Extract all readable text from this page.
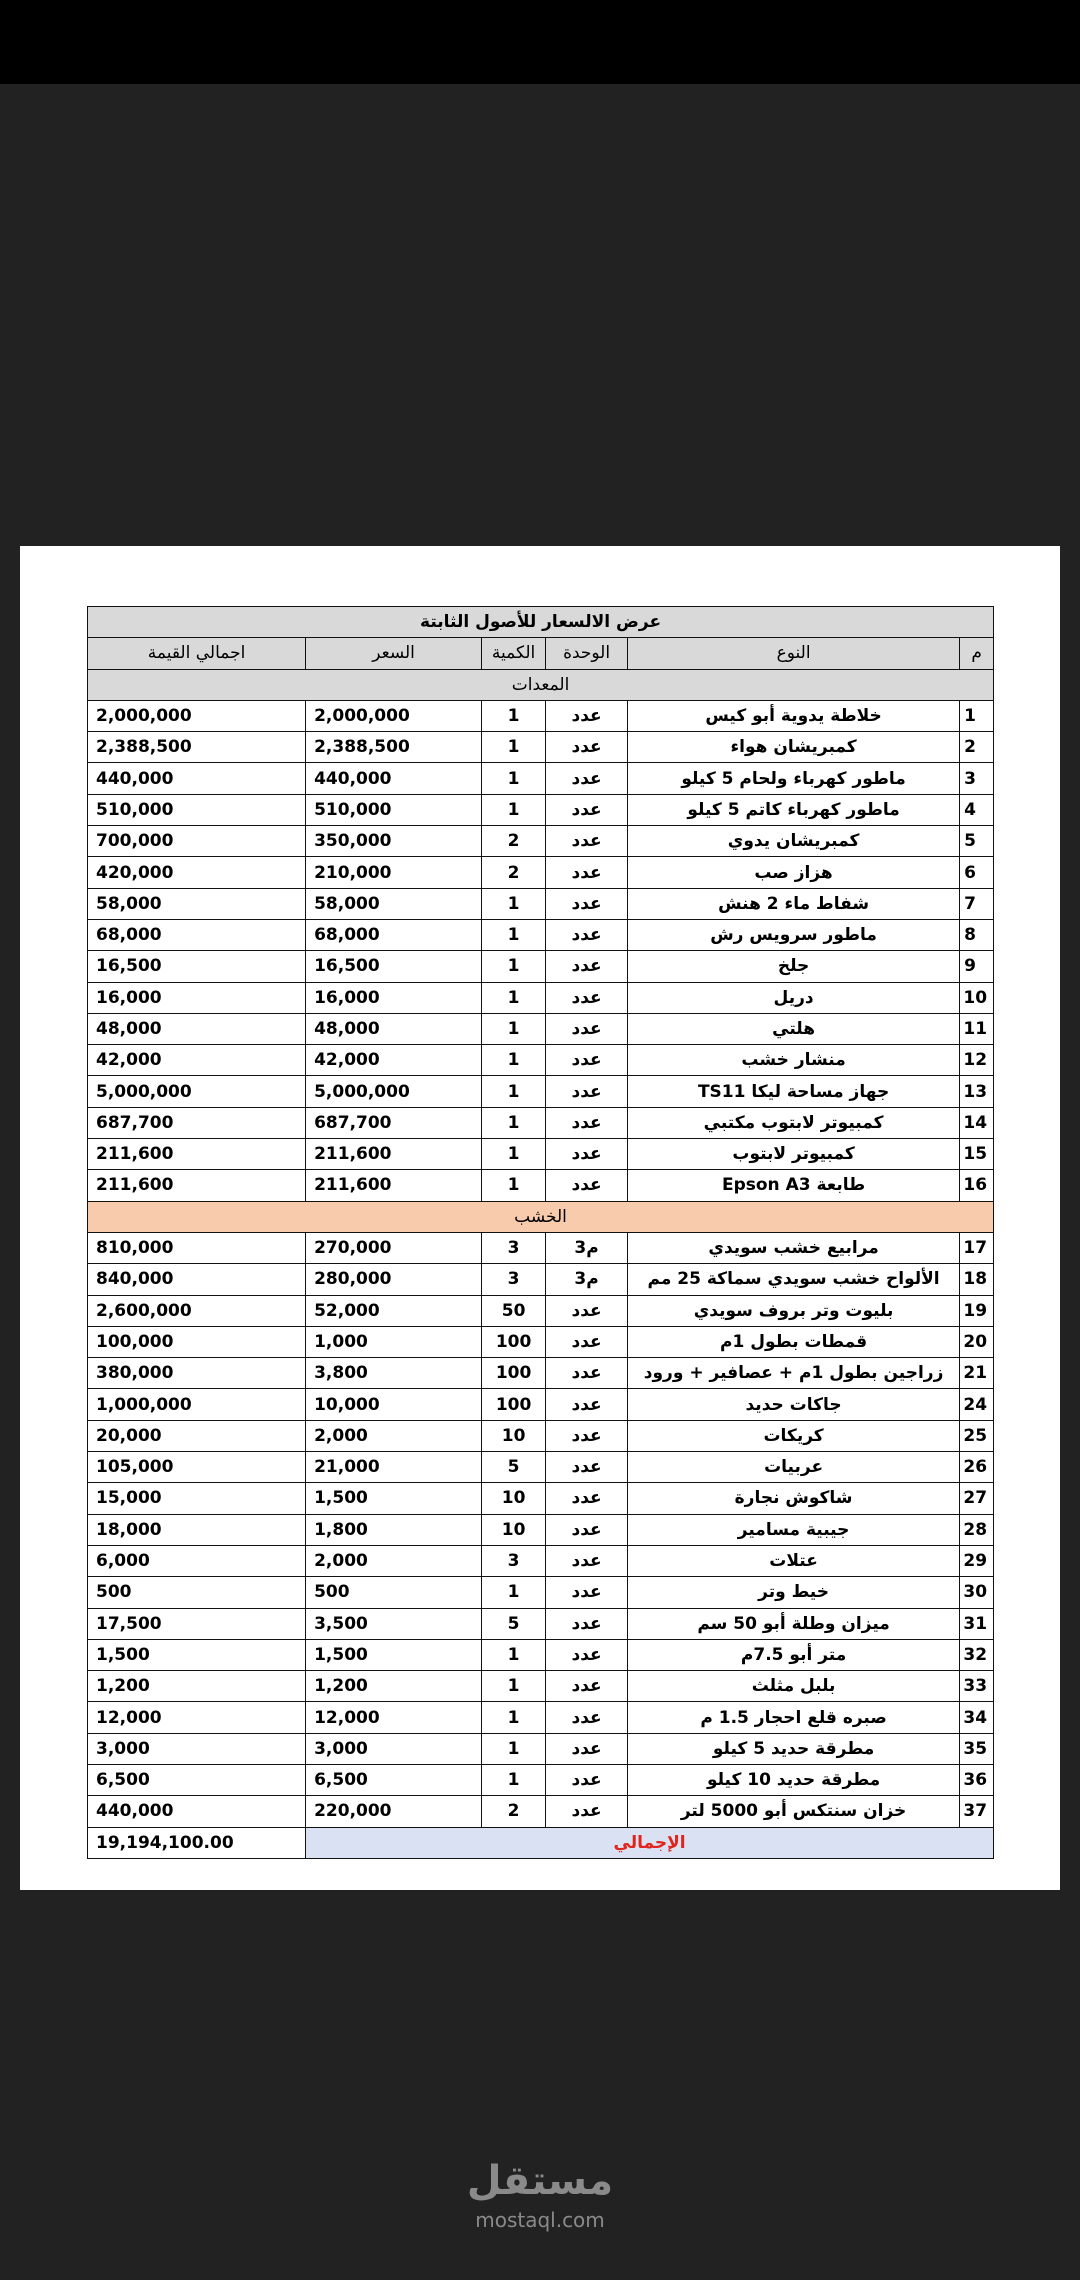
عرض الالسعار للأصول الثابتة					
م	النوع	الوحدة	الكمية	السعر	اجمالي القيمة
المعدات					
1	خلاطة يدوية أبو كيس	عدد	1	2,000,000	2,000,000
2	كمبريشان هواء	عدد	1	2,388,500	2,388,500
3	ماطور كهرباء ولحام 5 كيلو	عدد	1	440,000	440,000
4	ماطور كهرباء كاتم 5 كيلو	عدد	1	510,000	510,000
5	كمبريشان يدوي	عدد	2	350,000	700,000
6	هزاز صب	عدد	2	210,000	420,000
7	شفاط ماء 2 هنش	عدد	1	58,000	58,000
8	ماطور سرويس رش	عدد	1	68,000	68,000
9	جلخ	عدد	1	16,500	16,500
10	دريل	عدد	1	16,000	16,000
11	هلتي	عدد	1	48,000	48,000
12	منشار خشب	عدد	1	42,000	42,000
13	جهاز مساحة ليكا TS11	عدد	1	5,000,000	5,000,000
14	كمبيوتر لابتوب مكتبي	عدد	1	687,700	687,700
15	كمبيوتر لابتوب	عدد	1	211,600	211,600
16	طابعة Epson A3	عدد	1	211,600	211,600
الخشب					
17	مرابيع خشب سويدي	م3	3	270,000	810,000
18	الألواح خشب سويدي سماكة 25 مم	م3	3	280,000	840,000
19	بليوت وتر بروف سويدي	عدد	50	52,000	2,600,000
20	قمطات بطول 1م	عدد	100	1,000	100,000
21	زراجين بطول 1م + عصافير + ورود	عدد	100	3,800	380,000
24	جاكات حديد	عدد	100	10,000	1,000,000
25	كريكات	عدد	10	2,000	20,000
26	عربيات	عدد	5	21,000	105,000
27	شاكوش نجارة	عدد	10	1,500	15,000
28	جيبية مسامير	عدد	10	1,800	18,000
29	عتلات	عدد	3	2,000	6,000
30	خيط وتر	عدد	1	500	500
31	ميزان وطلة أبو 50 سم	عدد	5	3,500	17,500
32	متر أبو 7.5م	عدد	1	1,500	1,500
33	بلبل مثلث	عدد	1	1,200	1,200
34	صبره قلع احجار 1.5 م	عدد	1	12,000	12,000
35	مطرقة حديد 5 كيلو	عدد	1	3,000	3,000
36	مطرقة حديد 10 كيلو	عدد	1	6,500	6,500
37	خزان سنتكس أبو 5000 لتر	عدد	2	220,000	440,000
الإجمالي					19,194,100.00
مستقل
mostaql.com
